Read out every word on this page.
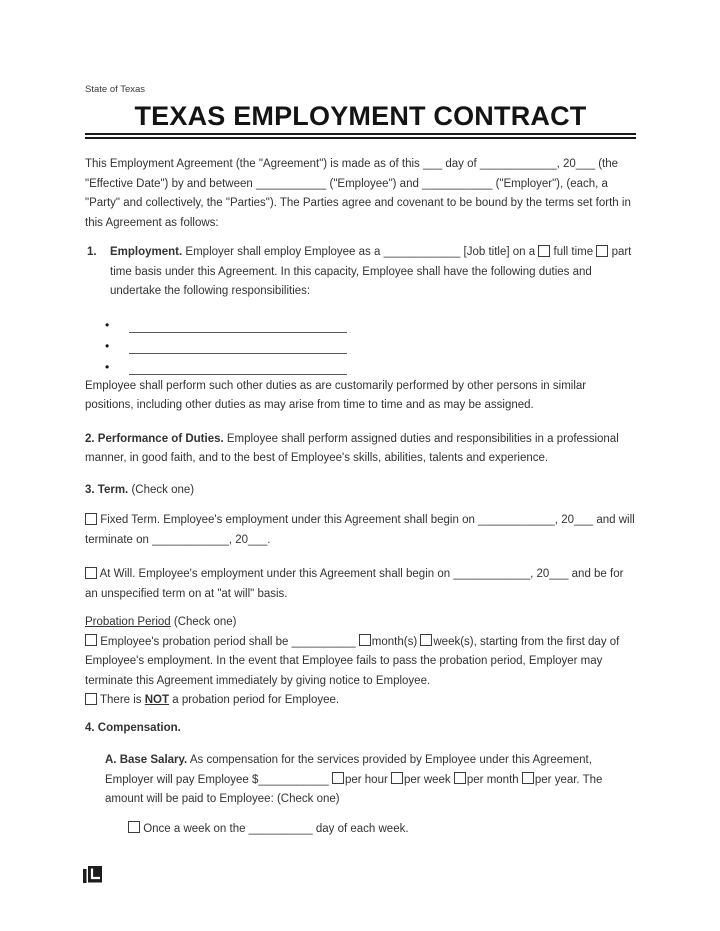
State of Texas
TEXAS EMPLOYMENT CONTRACT

This Employment Agreement (the "Agreement") is made as of this ___ day of ____________, 20___ (the "Effective Date") by and between ___________ ("Employee") and ___________ ("Employer"), (each, a "Party" and collectively, the "Parties"). The Parties agree and covenant to be bound by the terms set forth in this Agreement as follows:

1. Employment. Employer shall employ Employee as a ____________ [Job title] on a full time part time basis under this Agreement. In this capacity, Employee shall have the following duties and undertake the following responsibilities:
•
•
•

Employee shall perform such other duties as are customarily performed by other persons in similar positions, including other duties as may arise from time to time and as may be assigned.

2. Performance of Duties. Employee shall perform assigned duties and responsibilities in a professional manner, in good faith, and to the best of Employee's skills, abilities, talents and experience.

3. Term. (Check one)

Fixed Term. Employee's employment under this Agreement shall begin on ____________, 20___ and will terminate on ____________, 20___.

At Will. Employee's employment under this Agreement shall begin on ____________, 20___ and be for an unspecified term on at "at will" basis.

Probation Period (Check one)
Employee's probation period shall be __________ month(s) week(s), starting from the first day of Employee's employment. In the event that Employee fails to pass the probation period, Employer may terminate this Agreement immediately by giving notice to Employee.
There is NOT a probation period for Employee.

4. Compensation.

A. Base Salary. As compensation for the services provided by Employee under this Agreement, Employer will pay Employee $___________ per hour per week per month per year. The amount will be paid to Employee: (Check one)

Once a week on the __________ day of each week.
